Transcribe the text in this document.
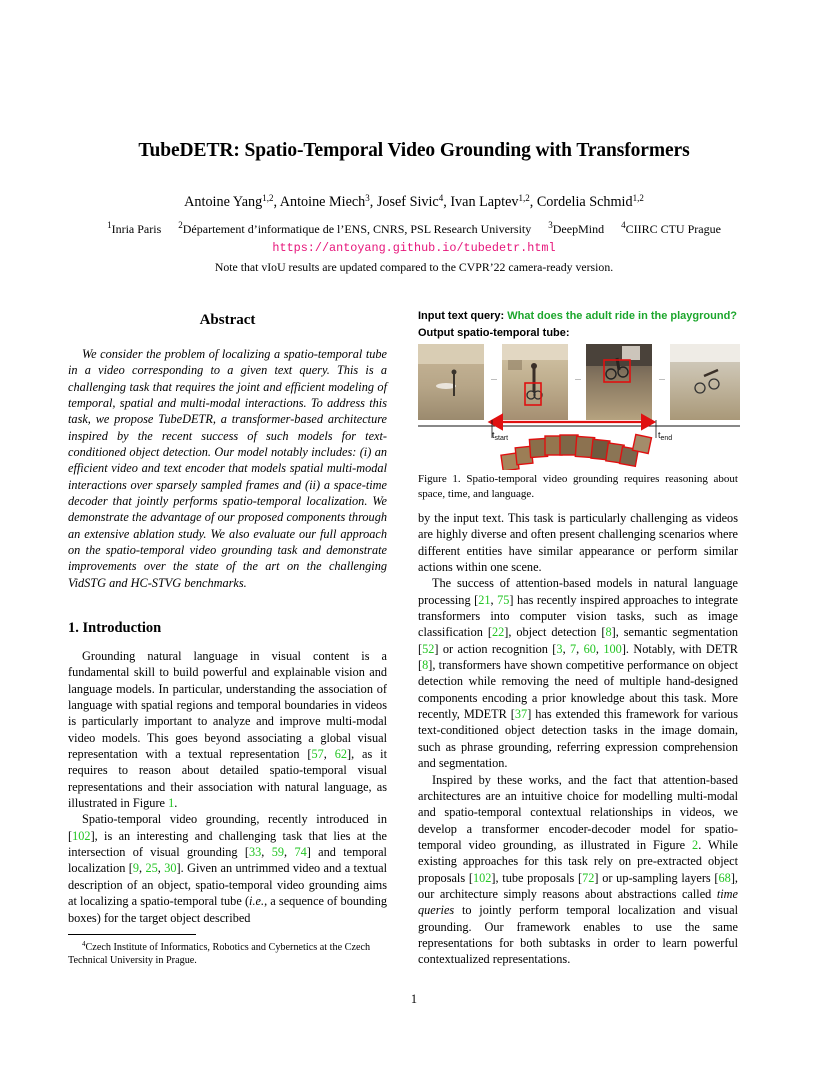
TubeDETR: Spatio-Temporal Video Grounding with Transformers
Antoine Yang$^{1,2}$, Antoine Miech$^3$, Josef Sivic$^4$, Ivan Laptev$^{1,2}$, Cordelia Schmid$^{1,2}$
$^1$Inria Paris $^2$Département d’informatique de l’ENS, CNRS, PSL Research University $^3$DeepMind $^4$CIIRC CTU Prague
https://antoyang.github.io/tubedetr.html
Note that vIoU results are updated compared to the CVPR’22 camera-ready version.
Abstract

We consider the problem of localizing a spatio-temporal tube in a video corresponding to a given text query. This is a challenging task that requires the joint and efficient modeling of temporal, spatial and multi-modal interactions. To address this task, we propose TubeDETR, a transformer-based architecture inspired by the recent success of such models for text-conditioned object detection. Our model notably includes: (i) an efficient video and text encoder that models spatial multi-modal interactions over sparsely sampled frames and (ii) a space-time decoder that jointly performs spatio-temporal localization. We demonstrate the advantage of our proposed components through an extensive ablation study. We also evaluate our full approach on the spatio-temporal video grounding task and demonstrate improvements over the state of the art on the challenging VidSTG and HC-STVG benchmarks.

1. Introduction

Grounding natural language in visual content is a fundamental skill to build powerful and explainable vision and language models. In particular, understanding the association of language with spatial regions and temporal boundaries in videos is particularly important to analyze and improve multi-modal video models. This goes beyond associating a global visual representation with a textual representation [57, 62], as it requires to reason about detailed spatio-temporal visual representations and their association with natural language, as illustrated in Figure 1.

Spatio-temporal video grounding, recently introduced in [102], is an interesting and challenging task that lies at the intersection of visual grounding [33, 59, 74] and temporal localization [9, 25, 30]. Given an untrimmed video and a textual description of an object, spatio-temporal video grounding aims at localizing a spatio-temporal tube (i.e., a sequence of bounding boxes) for the target object described

$^4$Czech Institute of Informatics, Robotics and Cybernetics at the Czech Technical University in Prague.
Input text query: What does the adult ride in the playground?
Output spatio-temporal tube:
...	...	...
$t_{start}$	$t_{end}$
Figure 1. Spatio-temporal video grounding requires reasoning about space, time, and language.

by the input text. This task is particularly challenging as videos are highly diverse and often present challenging scenarios where different entities have similar appearance or perform similar actions within one scene.

The success of attention-based models in natural language processing [21, 75] has recently inspired approaches to integrate transformers into computer vision tasks, such as image classification [22], object detection [8], semantic segmentation [52] or action recognition [3, 7, 60, 100]. Notably, with DETR [8], transformers have shown competitive performance on object detection while removing the need of multiple hand-designed components encoding a prior knowledge about this task. More recently, MDETR [37] has extended this framework for various text-conditioned object detection tasks in the image domain, such as phrase grounding, referring expression comprehension and segmentation.

Inspired by these works, and the fact that attention-based architectures are an intuitive choice for modelling multi-modal and spatio-temporal contextual relationships in videos, we develop a transformer encoder-decoder model for spatio-temporal video grounding, as illustrated in Figure 2. While existing approaches for this task rely on pre-extracted object proposals [102], tube proposals [72] or up-sampling layers [68], our architecture simply reasons about abstractions called time queries to jointly perform temporal localization and visual grounding. Our framework enables to use the same representations for both subtasks in order to learn powerful contextualized representations.

1
